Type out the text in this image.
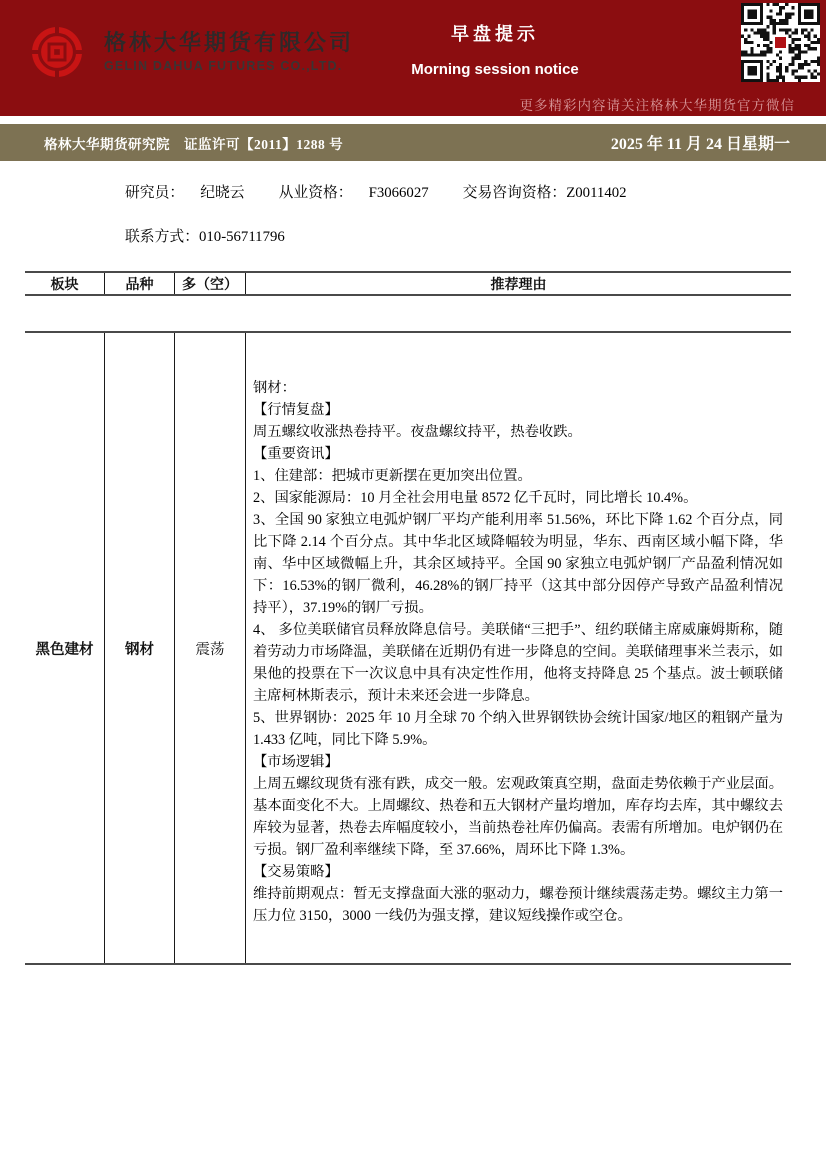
格林大华期货有限公司
GELIN DAHUA FUTURES CO.,LTD.
早盘提示
Morning session notice
更多精彩内容请关注格林大华期货官方微信
格林大华期货研究院　证监许可【2011】1288 号	2025 年 11 月 24 日星期一
研究员： 纪晓云 从业资格： F3066027 交易咨询资格：Z0011402
联系方式：010-56711796
板块	品种	多（空）	推荐理由
黑色建材	钢材	震荡
钢材：
【行情复盘】
周五螺纹收涨热卷持平。夜盘螺纹持平，热卷收跌。
【重要资讯】
1、住建部：把城市更新摆在更加突出位置。
2、国家能源局：10 月全社会用电量 8572 亿千瓦时，同比增长 10.4%。
3、全国 90 家独立电弧炉钢厂平均产能利用率 51.56%，环比下降 1.62 个百分点，同比下降 2.14 个百分点。其中华北区域降幅较为明显，华东、西南区域小幅下降，华南、华中区域微幅上升，其余区域持平。全国 90 家独立电弧炉钢厂产品盈利情况如下：16.53%的钢厂微利，46.28%的钢厂持平（这其中部分因停产导致产品盈利情况持平），37.19%的钢厂亏损。
4、 多位美联储官员释放降息信号。美联储“三把手”、纽约联储主席威廉姆斯称，随着劳动力市场降温，美联储在近期仍有进一步降息的空间。美联储理事米兰表示，如果他的投票在下一次议息中具有决定性作用，他将支持降息 25 个基点。波士顿联储主席柯林斯表示，预计未来还会进一步降息。
5、世界钢协：2025 年 10 月全球 70 个纳入世界钢铁协会统计国家/地区的粗钢产量为 1.433 亿吨，同比下降 5.9%。
【市场逻辑】
上周五螺纹现货有涨有跌，成交一般。宏观政策真空期，盘面走势依赖于产业层面。基本面变化不大。上周螺纹、热卷和五大钢材产量均增加，库存均去库，其中螺纹去库较为显著，热卷去库幅度较小，当前热卷社库仍偏高。表需有所增加。电炉钢仍在亏损。钢厂盈利率继续下降，至 37.66%，周环比下降 1.3%。
【交易策略】
维持前期观点：暂无支撑盘面大涨的驱动力，螺卷预计继续震荡走势。螺纹主力第一压力位 3150，3000 一线仍为强支撑，建议短线操作或空仓。
